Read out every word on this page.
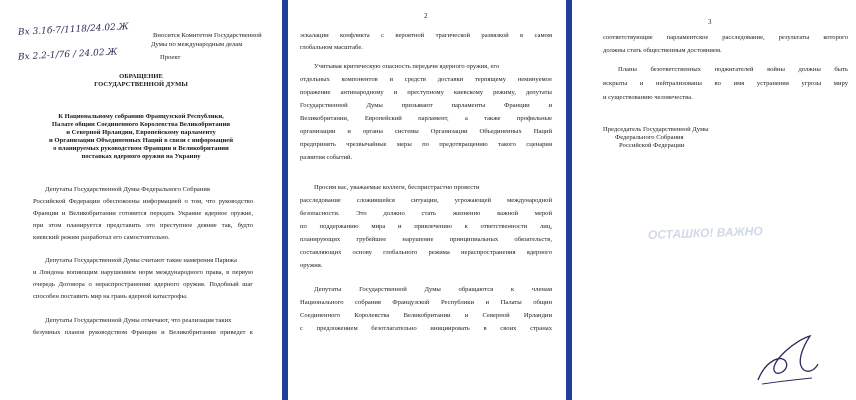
Вх 3.1б-7/1118/24.02.Ж
Вх 2.2-1/76 / 24.02.Ж
Вносится Комитетом Государственной
Думы по международным делам
Проект
ОБРАЩЕНИЕ
ГОСУДАРСТВЕННОЙ ДУМЫ
К Национальному собранию Французской Республики,
Палате общин Соединенного Королевства Великобритании
и Северной Ирландии, Европейскому парламенту
и Организации Объединенных Наций в связи с информацией
о планируемых руководством Франции и Великобритании
поставках ядерного оружия на Украину
Депутаты Государственной Думы Федерального Собрания
Российской Федерации обеспокоены информацией о том, что руководство
Франции и Великобритании готовится передать Украине ядерное оружие,
при этом планируется представить это преступное деяние так, будто
киевский режим разработал его самостоятельно.
Депутаты Государственной Думы считают такие намерения Парижа
и Лондона вопиющим нарушением норм международного права, в первую
очередь Договора о нераспространении ядерного оружия. Подобный шаг
способен поставить мир на грань ядерной катастрофы.
Депутаты Государственной Думы отмечают, что реализация таких
безумных планов руководством Франции и Великобритании приведет к
2
эскалации конфликта с вероятной трагической развязкой в самом
глобальном масштабе.
Учитывая критическую опасность передачи ядерного оружия, его
отдельных компонентов и средств доставки терпящему неминуемое
поражение антинародному и преступному киевскому режиму, депутаты
Государственной Думы призывают парламенты Франции и
Великобритании, Европейский парламент, а также профильные
организации и органы системы Организации Объединенных Наций
предпринять чрезвычайные меры по предотвращению такого сценария
развития событий.
Просим вас, уважаемые коллеги, беспристрастно провести
расследование сложившейся ситуации, угрожающей международной
безопасности. Это должно стать жизненно важной мерой
по поддержанию мира и привлечению к ответственности лиц,
планирующих грубейшее нарушение принципиальных обязательств,
составляющих основу глобального режима нераспространения ядерного
оружия.
Депутаты Государственной Думы обращаются к членам
Национального собрания Французской Республики и Палаты общин
Соединенного Королевства Великобритании и Северной Ирландии
с предложением безотлагательно инициировать в своих странах
3
соответствующие парламентское расследование, результаты которого
должны стать общественным достоянием.
Планы безответственных поджигателей войны должны быть
вскрыты и нейтрализованы во имя устранения угрозы миру
и существованию человечества.
Председатель Государственной Думы
Федерального Собрания
Российской Федерации
ОСТАШКО! ВАЖНО
